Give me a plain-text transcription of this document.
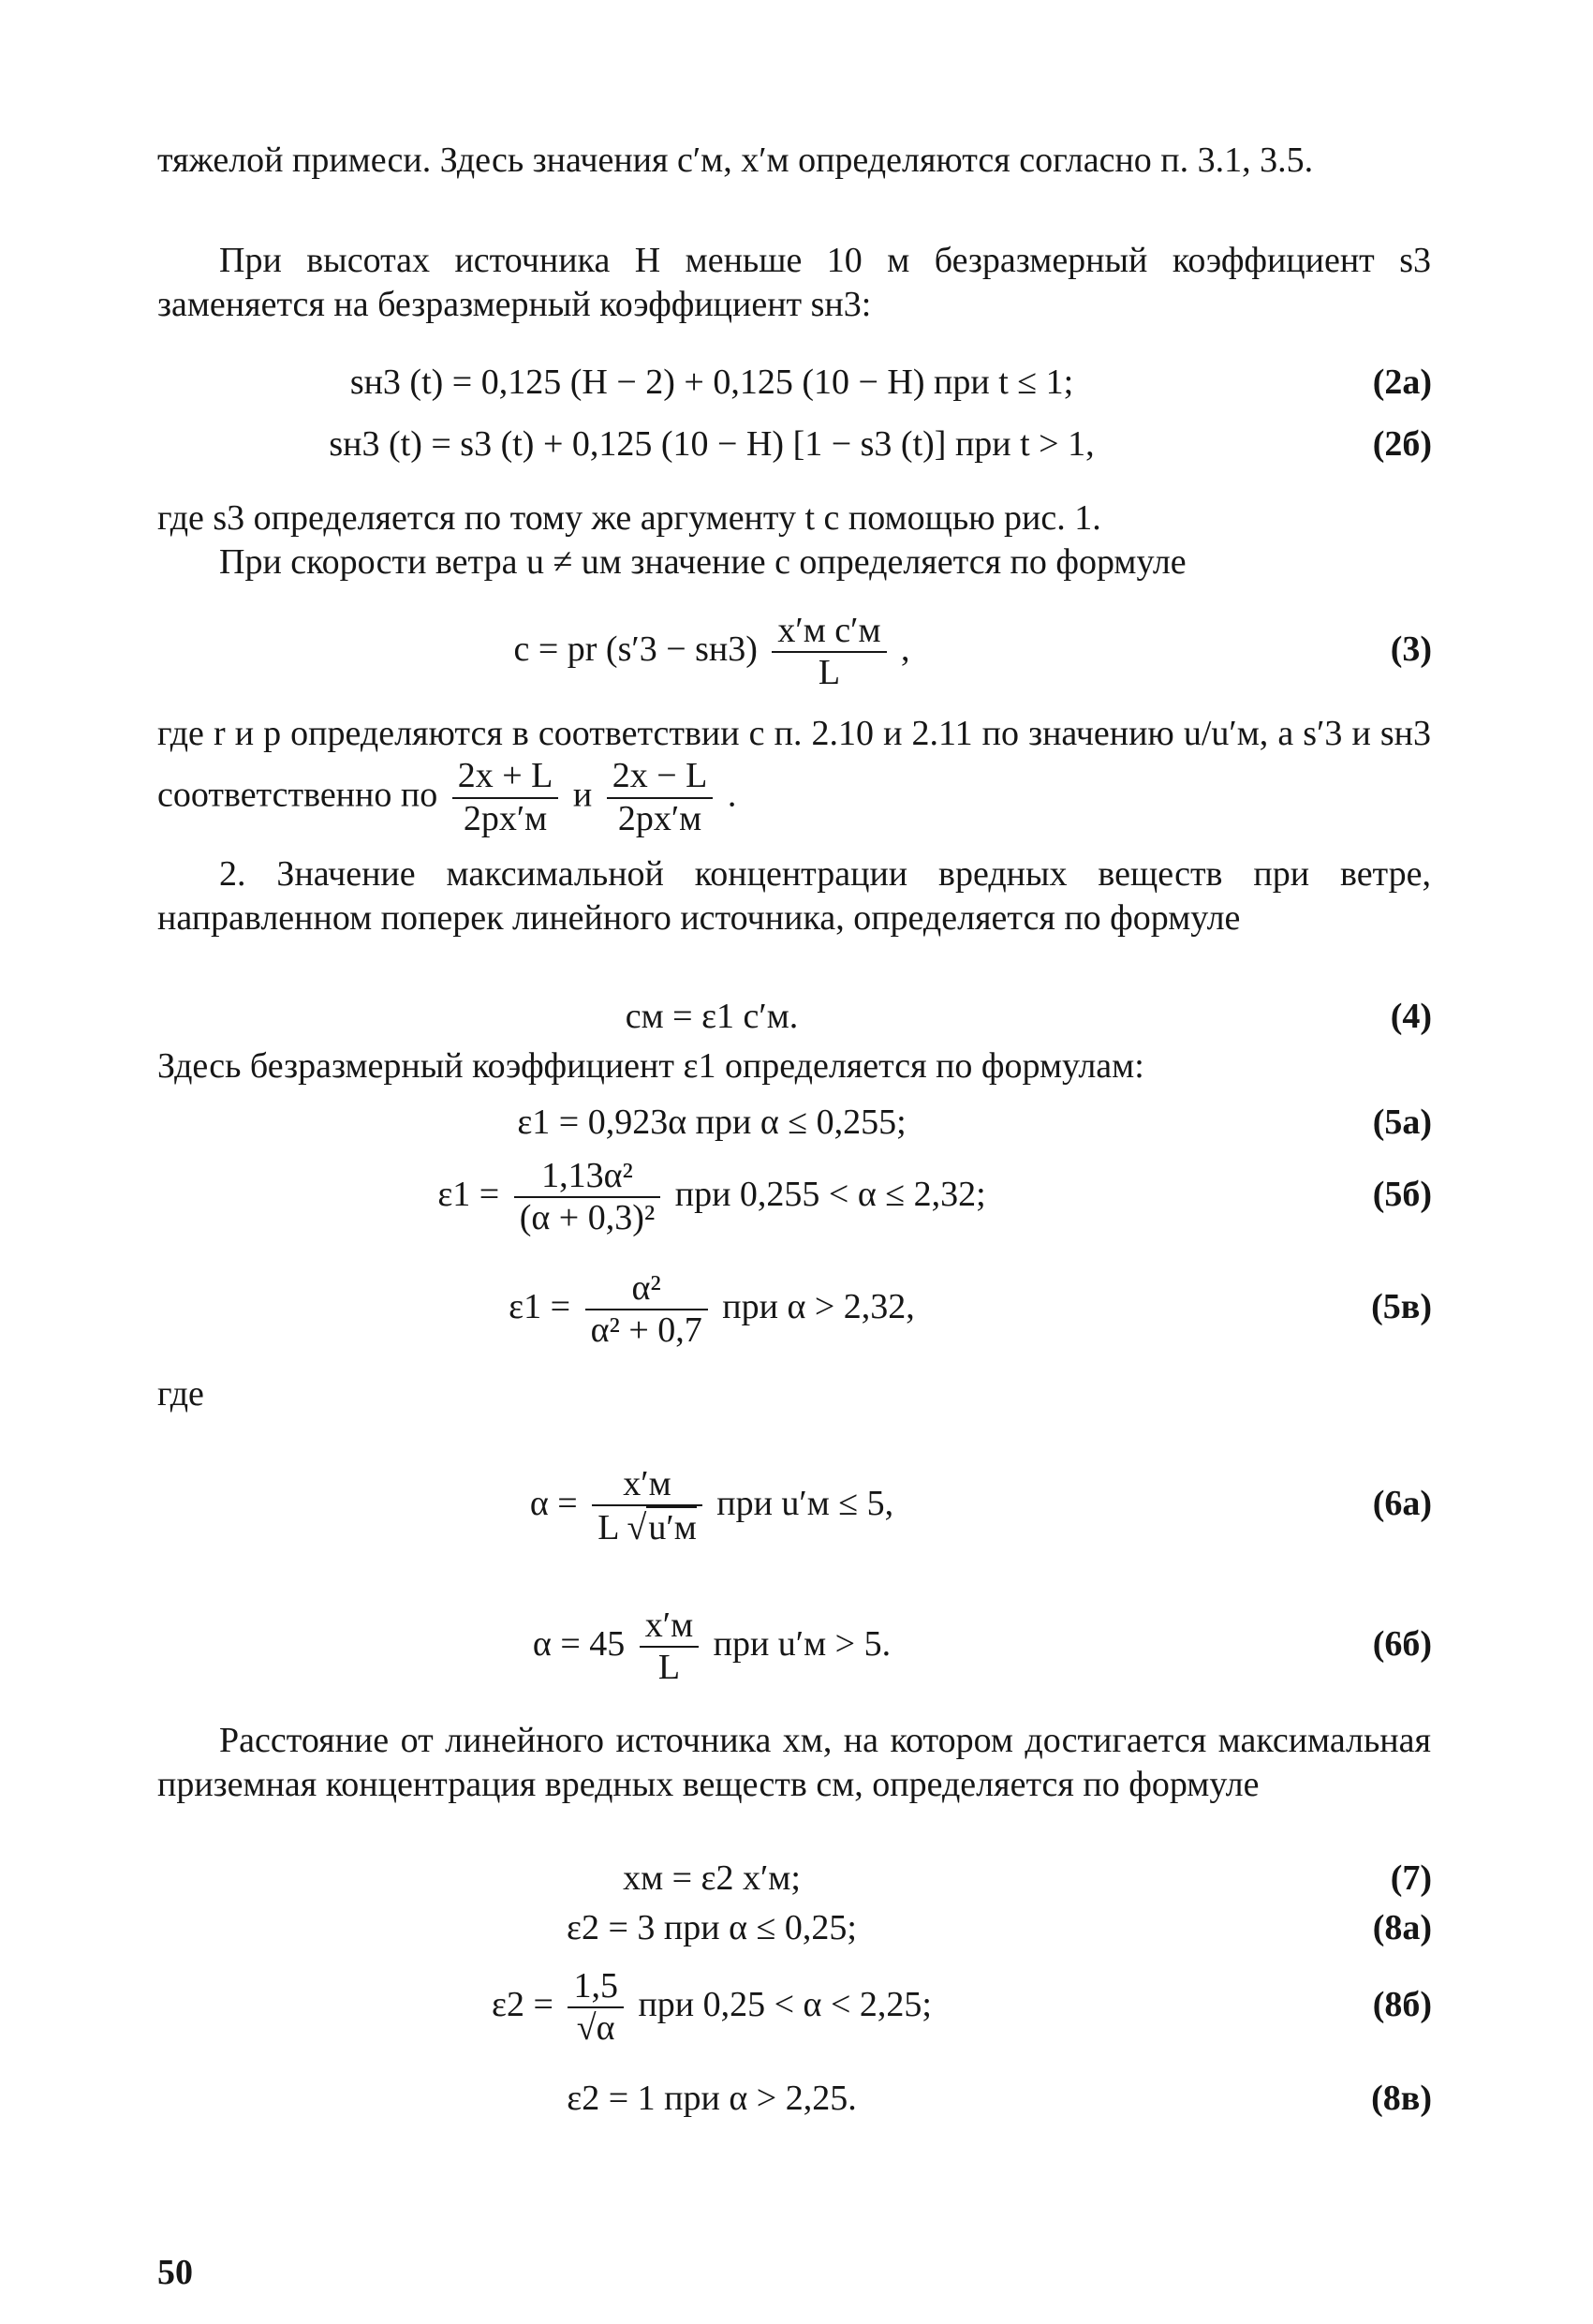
тяжелой примеси. Здесь значения c′м, x′м определяются согласно п. 3.1, 3.5.

При высотах источника H меньше 10 м безразмерный коэффициент s3 заменяется на безразмерный коэффициент sн3:

sн3 (t) = 0,125 (H − 2) + 0,125 (10 − H) при t ≤ 1;	(2а)
sн3 (t) = s3 (t) + 0,125 (10 − H) [1 − s3 (t)] при t > 1,	(2б)

где s3 определяется по тому же аргументу t с помощью рис. 1.

При скорости ветра u ≠ uм значение c определяется по формуле

c = pr $(s'3 - sн3) \frac{\text{x′м c′м}}{L}$ ,	(3)

где r и p определяются в соответствии с п. 2.10 и 2.11 по значению u/u′м, а s′3 и sн3 соответственно по $\frac{2x + L}{2px'м}$ и $\frac{2x - L}{2px'м}$ .

2. Значение максимальной концентрации вредных веществ при ветре, направленном поперек линейного источника, определяется по формуле

cм = ε1 c′м.	(4)

Здесь безразмерный коэффициент ε1 определяется по формулам:

ε1 = 0,923α при α ≤ 0,255;	(5а)
$\varepsilon 1 = \frac{\text{1,13α²}}{\text{(α + 0,3)²}}$ при 0,255 < α ≤ 2,32;	(5б)
$\varepsilon 1 = \frac{\text{α²}}{\text{α² + 0,7}}$ при α > 2,32,	(5в)
где
$\alpha = \frac{x'м}{L √u'м}$ при u′м ≤ 5,	(6а)
$\alpha = 45 \frac{x'м}{L}$ при u′м > 5.	(6б)

Расстояние от линейного источника xм, на котором достигается максимальная приземная концентрация вредных веществ cм, определяется по формуле

xм = ε2 x′м;	(7)
ε2 = 3 при α ≤ 0,25;	(8а)
$\varepsilon 2 = \frac{1,5}{√\alpha}$ при 0,25 < α < 2,25;	(8б)
ε2 = 1 при α > 2,25.	(8в)
50
